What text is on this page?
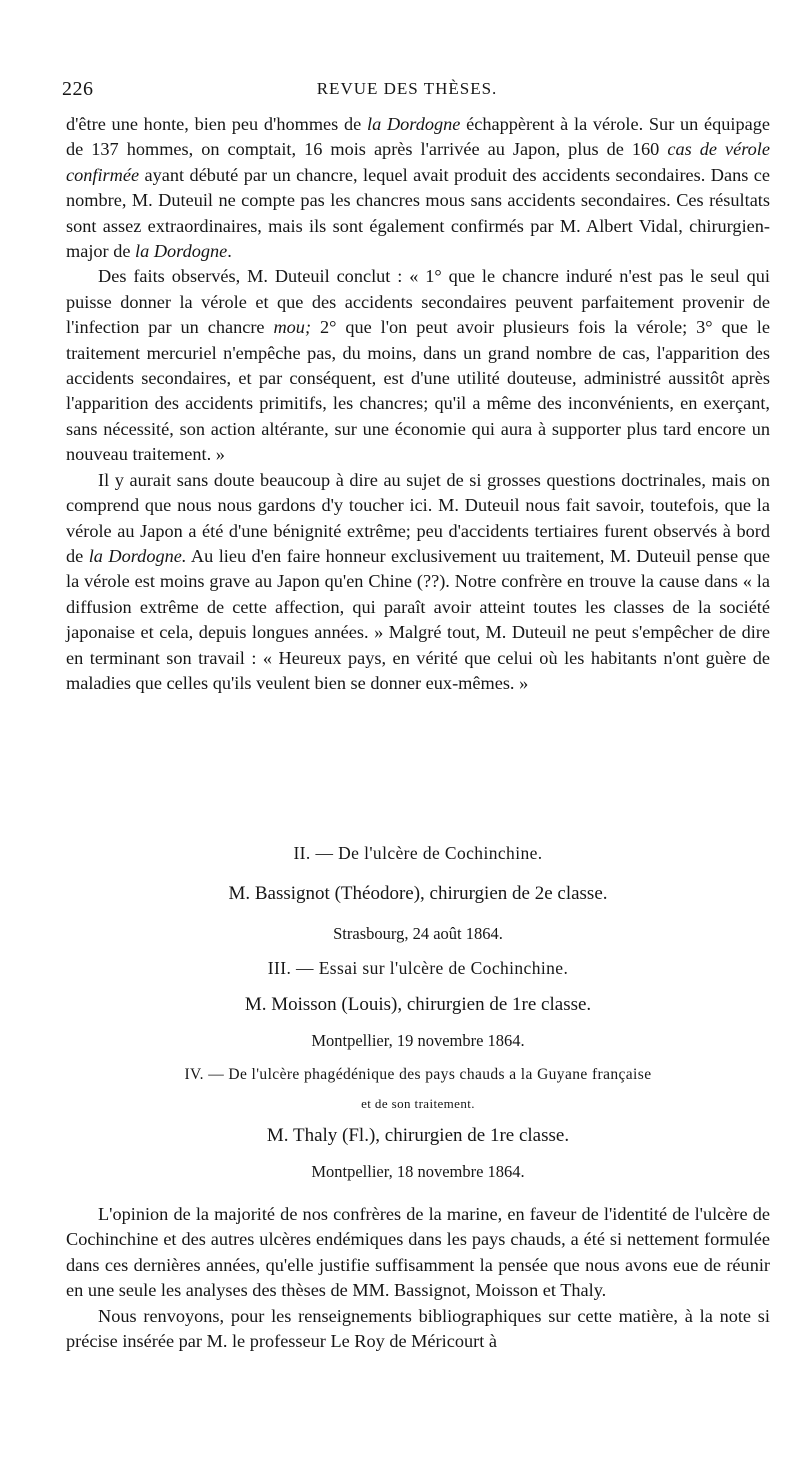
226	REVUE DES THÈSES.

d'être une honte, bien peu d'hommes de la Dordogne échappèrent à la vérole. Sur un équipage de 137 hommes, on comptait, 16 mois après l'arrivée au Japon, plus de 160 cas de vérole confirmée ayant débuté par un chancre, lequel avait produit des accidents secondaires. Dans ce nombre, M. Duteuil ne compte pas les chancres mous sans accidents secondaires. Ces résultats sont assez extraordinaires, mais ils sont également confirmés par M. Albert Vidal, chirurgien-major de la Dordogne.

Des faits observés, M. Duteuil conclut : « 1° que le chancre induré n'est pas le seul qui puisse donner la vérole et que des accidents secondaires peuvent parfaitement provenir de l'infection par un chancre mou; 2° que l'on peut avoir plusieurs fois la vérole; 3° que le traitement mercuriel n'empêche pas, du moins, dans un grand nombre de cas, l'apparition des accidents secondaires, et par conséquent, est d'une utilité douteuse, administré aussitôt après l'apparition des accidents primitifs, les chancres; qu'il a même des inconvénients, en exerçant, sans nécessité, son action altérante, sur une économie qui aura à supporter plus tard encore un nouveau traitement. »

Il y aurait sans doute beaucoup à dire au sujet de si grosses questions doctrinales, mais on comprend que nous nous gardons d'y toucher ici. M. Duteuil nous fait savoir, toutefois, que la vérole au Japon a été d'une bénignité extrême; peu d'accidents tertiaires furent observés à bord de la Dordogne. Au lieu d'en faire honneur exclusivement uu traitement, M. Duteuil pense que la vérole est moins grave au Japon qu'en Chine (??). Notre confrère en trouve la cause dans « la diffusion extrême de cette affection, qui paraît avoir atteint toutes les classes de la société japonaise et cela, depuis longues années. » Malgré tout, M. Duteuil ne peut s'empêcher de dire en terminant son travail : « Heureux pays, en vérité que celui où les habitants n'ont guère de maladies que celles qu'ils veulent bien se donner eux-mêmes. »

II. — De l'ulcère de Cochinchine.
M. Bassignot (Théodore), chirurgien de 2e classe.
Strasbourg, 24 août 1864.
III. — Essai sur l'ulcère de Cochinchine.
M. Moisson (Louis), chirurgien de 1re classe.
Montpellier, 19 novembre 1864.
IV. — De l'ulcère phagédénique des pays chauds a la Guyane française
et de son traitement.
M. Thaly (Fl.), chirurgien de 1re classe.
Montpellier, 18 novembre 1864.

L'opinion de la majorité de nos confrères de la marine, en faveur de l'identité de l'ulcère de Cochinchine et des autres ulcères endémiques dans les pays chauds, a été si nettement formulée dans ces dernières années, qu'elle justifie suffisamment la pensée que nous avons eue de réunir en une seule les analyses des thèses de MM. Bassignot, Moisson et Thaly.

Nous renvoyons, pour les renseignements bibliographiques sur cette matière, à la note si précise insérée par M. le professeur Le Roy de Méricourt à
